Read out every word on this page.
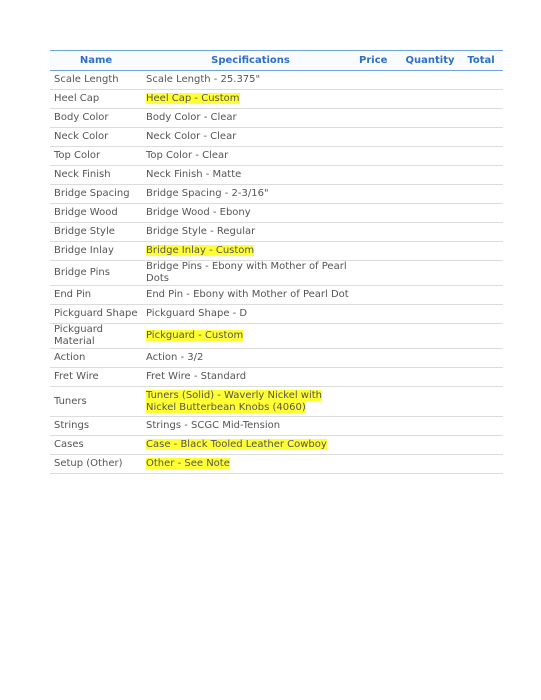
Name	Specifications	Price	Quantity	Total
Scale Length	Scale Length - 25.375"			
Heel Cap	Heel Cap - Custom			
Body Color	Body Color - Clear			
Neck Color	Neck Color - Clear			
Top Color	Top Color - Clear			
Neck Finish	Neck Finish - Matte			
Bridge Spacing	Bridge Spacing - 2-3/16"			
Bridge Wood	Bridge Wood - Ebony			
Bridge Style	Bridge Style - Regular			
Bridge Inlay	Bridge Inlay - Custom			
Bridge Pins	Bridge Pins - Ebony with Mother of Pearl Dots			
End Pin	End Pin - Ebony with Mother of Pearl Dot			
Pickguard Shape	Pickguard Shape - D			
Pickguard Material	Pickguard - Custom			
Action	Action - 3/2			
Fret Wire	Fret Wire - Standard			
Tuners	Tuners (Solid) - Waverly Nickel with Nickel Butterbean Knobs (4060)			
Strings	Strings - SCGC Mid-Tension			
Cases	Case - Black Tooled Leather Cowboy			
Setup (Other)	Other - See Note			
